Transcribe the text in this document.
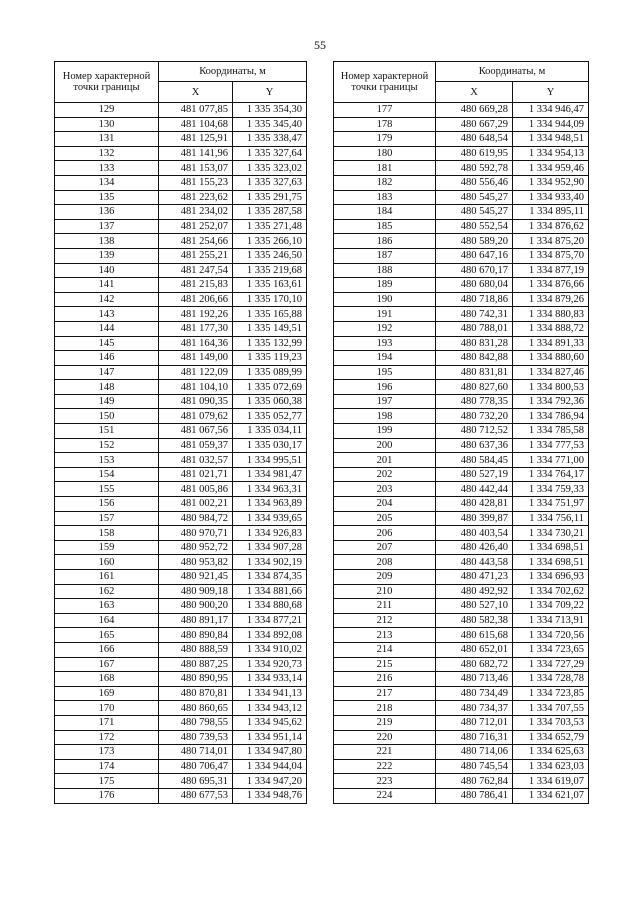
55
Номер характерной точки границы	Координаты, м	
	X	Y
129	481 077,85	1 335 354,30
130	481 104,68	1 335 345,40
131	481 125,91	1 335 338,47
132	481 141,96	1 335 327,64
133	481 153,07	1 335 323,02
134	481 155,23	1 335 327,63
135	481 223,62	1 335 291,75
136	481 234,02	1 335 287,58
137	481 252,07	1 335 271,48
138	481 254,66	1 335 266,10
139	481 255,21	1 335 246,50
140	481 247,54	1 335 219,68
141	481 215,83	1 335 163,61
142	481 206,66	1 335 170,10
143	481 192,26	1 335 165,88
144	481 177,30	1 335 149,51
145	481 164,36	1 335 132,99
146	481 149,00	1 335 119,23
147	481 122,09	1 335 089,99
148	481 104,10	1 335 072,69
149	481 090,35	1 335 060,38
150	481 079,62	1 335 052,77
151	481 067,56	1 335 034,11
152	481 059,37	1 335 030,17
153	481 032,57	1 334 995,51
154	481 021,71	1 334 981,47
155	481 005,86	1 334 963,31
156	481 002,21	1 334 963,89
157	480 984,72	1 334 939,65
158	480 970,71	1 334 926,83
159	480 952,72	1 334 907,28
160	480 953,82	1 334 902,19
161	480 921,45	1 334 874,35
162	480 909,18	1 334 881,66
163	480 900,20	1 334 880,68
164	480 891,17	1 334 877,21
165	480 890,84	1 334 892,08
166	480 888,59	1 334 910,02
167	480 887,25	1 334 920,73
168	480 890,95	1 334 933,14
169	480 870,81	1 334 941,13
170	480 860,65	1 334 943,12
171	480 798,55	1 334 945,62
172	480 739,53	1 334 951,14
173	480 714,01	1 334 947,80
174	480 706,47	1 334 944,04
175	480 695,31	1 334 947,20
176	480 677,53	1 334 948,76
Номер характерной точки границы	Координаты, м	
	X	Y
177	480 669,28	1 334 946,47
178	480 667,29	1 334 944,09
179	480 648,54	1 334 948,51
180	480 619,95	1 334 954,13
181	480 592,78	1 334 959,46
182	480 556,46	1 334 952,90
183	480 545,27	1 334 933,40
184	480 545,27	1 334 895,11
185	480 552,54	1 334 876,62
186	480 589,20	1 334 875,20
187	480 647,16	1 334 875,70
188	480 670,17	1 334 877,19
189	480 680,04	1 334 876,66
190	480 718,86	1 334 879,26
191	480 742,31	1 334 880,83
192	480 788,01	1 334 888,72
193	480 831,28	1 334 891,33
194	480 842,88	1 334 880,60
195	480 831,81	1 334 827,46
196	480 827,60	1 334 800,53
197	480 778,35	1 334 792,36
198	480 732,20	1 334 786,94
199	480 712,52	1 334 785,58
200	480 637,36	1 334 777,53
201	480 584,45	1 334 771,00
202	480 527,19	1 334 764,17
203	480 442,44	1 334 759,33
204	480 428,81	1 334 751,97
205	480 399,87	1 334 756,11
206	480 403,54	1 334 730,21
207	480 426,40	1 334 698,51
208	480 443,58	1 334 698,51
209	480 471,23	1 334 696,93
210	480 492,92	1 334 702,62
211	480 527,10	1 334 709,22
212	480 582,38	1 334 713,91
213	480 615,68	1 334 720,56
214	480 652,01	1 334 723,65
215	480 682,72	1 334 727,29
216	480 713,46	1 334 728,78
217	480 734,49	1 334 723,85
218	480 734,37	1 334 707,55
219	480 712,01	1 334 703,53
220	480 716,31	1 334 652,79
221	480 714,06	1 334 625,63
222	480 745,54	1 334 623,03
223	480 762,84	1 334 619,07
224	480 786,41	1 334 621,07
